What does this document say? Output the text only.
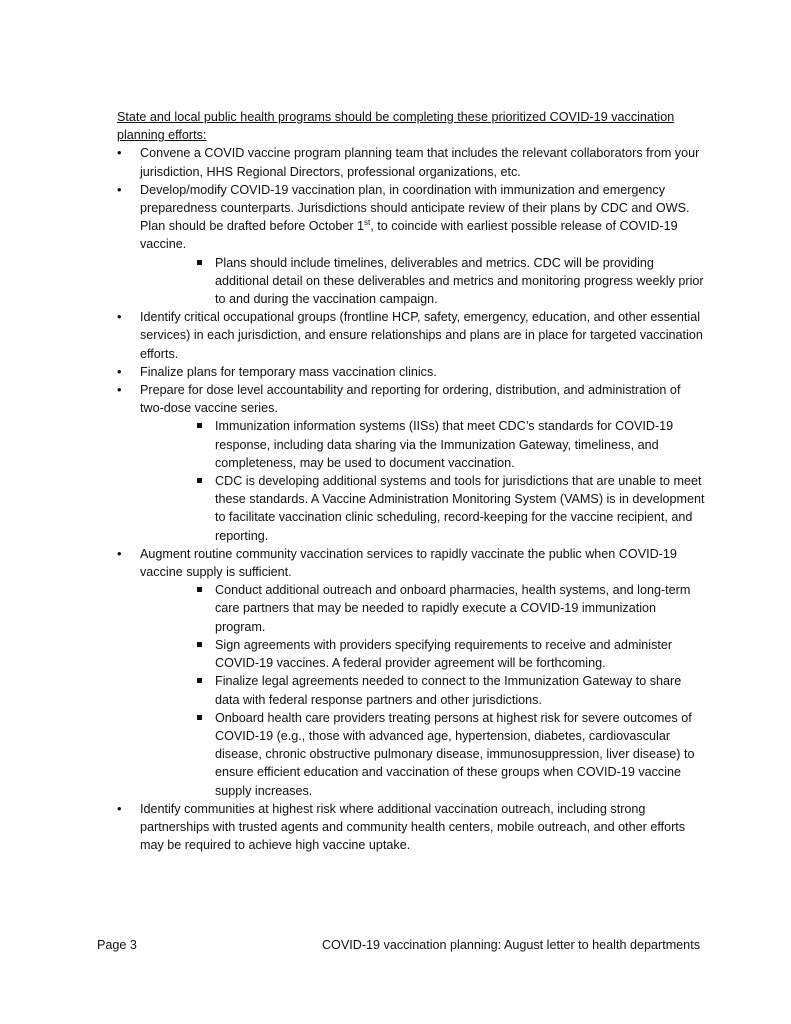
State and local public health programs should be completing these prioritized COVID-19 vaccination planning efforts:
• Convene a COVID vaccine program planning team that includes the relevant collaborators from your jurisdiction, HHS Regional Directors, professional organizations, etc.
• Develop/modify COVID-19 vaccination plan, in coordination with immunization and emergency preparedness counterparts. Jurisdictions should anticipate review of their plans by CDC and OWS. Plan should be drafted before October 1st, to coincide with earliest possible release of COVID-19 vaccine.
Plans should include timelines, deliverables and metrics. CDC will be providing additional detail on these deliverables and metrics and monitoring progress weekly prior to and during the vaccination campaign.
• Identify critical occupational groups (frontline HCP, safety, emergency, education, and other essential services) in each jurisdiction, and ensure relationships and plans are in place for targeted vaccination efforts.
• Finalize plans for temporary mass vaccination clinics.
• Prepare for dose level accountability and reporting for ordering, distribution, and administration of two-dose vaccine series.
Immunization information systems (IISs) that meet CDC’s standards for COVID-19 response, including data sharing via the Immunization Gateway, timeliness, and completeness, may be used to document vaccination.
CDC is developing additional systems and tools for jurisdictions that are unable to meet these standards. A Vaccine Administration Monitoring System (VAMS) is in development to facilitate vaccination clinic scheduling, record-keeping for the vaccine recipient, and reporting.
• Augment routine community vaccination services to rapidly vaccinate the public when COVID-19 vaccine supply is sufficient.
Conduct additional outreach and onboard pharmacies, health systems, and long-term care partners that may be needed to rapidly execute a COVID-19 immunization program.
Sign agreements with providers specifying requirements to receive and administer COVID-19 vaccines. A federal provider agreement will be forthcoming.
Finalize legal agreements needed to connect to the Immunization Gateway to share data with federal response partners and other jurisdictions.
Onboard health care providers treating persons at highest risk for severe outcomes of COVID-19 (e.g., those with advanced age, hypertension, diabetes, cardiovascular disease, chronic obstructive pulmonary disease, immunosuppression, liver disease) to ensure efficient education and vaccination of these groups when COVID-19 vaccine supply increases.
• Identify communities at highest risk where additional vaccination outreach, including strong partnerships with trusted agents and community health centers, mobile outreach, and other efforts may be required to achieve high vaccine uptake.
Page 3	COVID-19 vaccination planning: August letter to health departments
